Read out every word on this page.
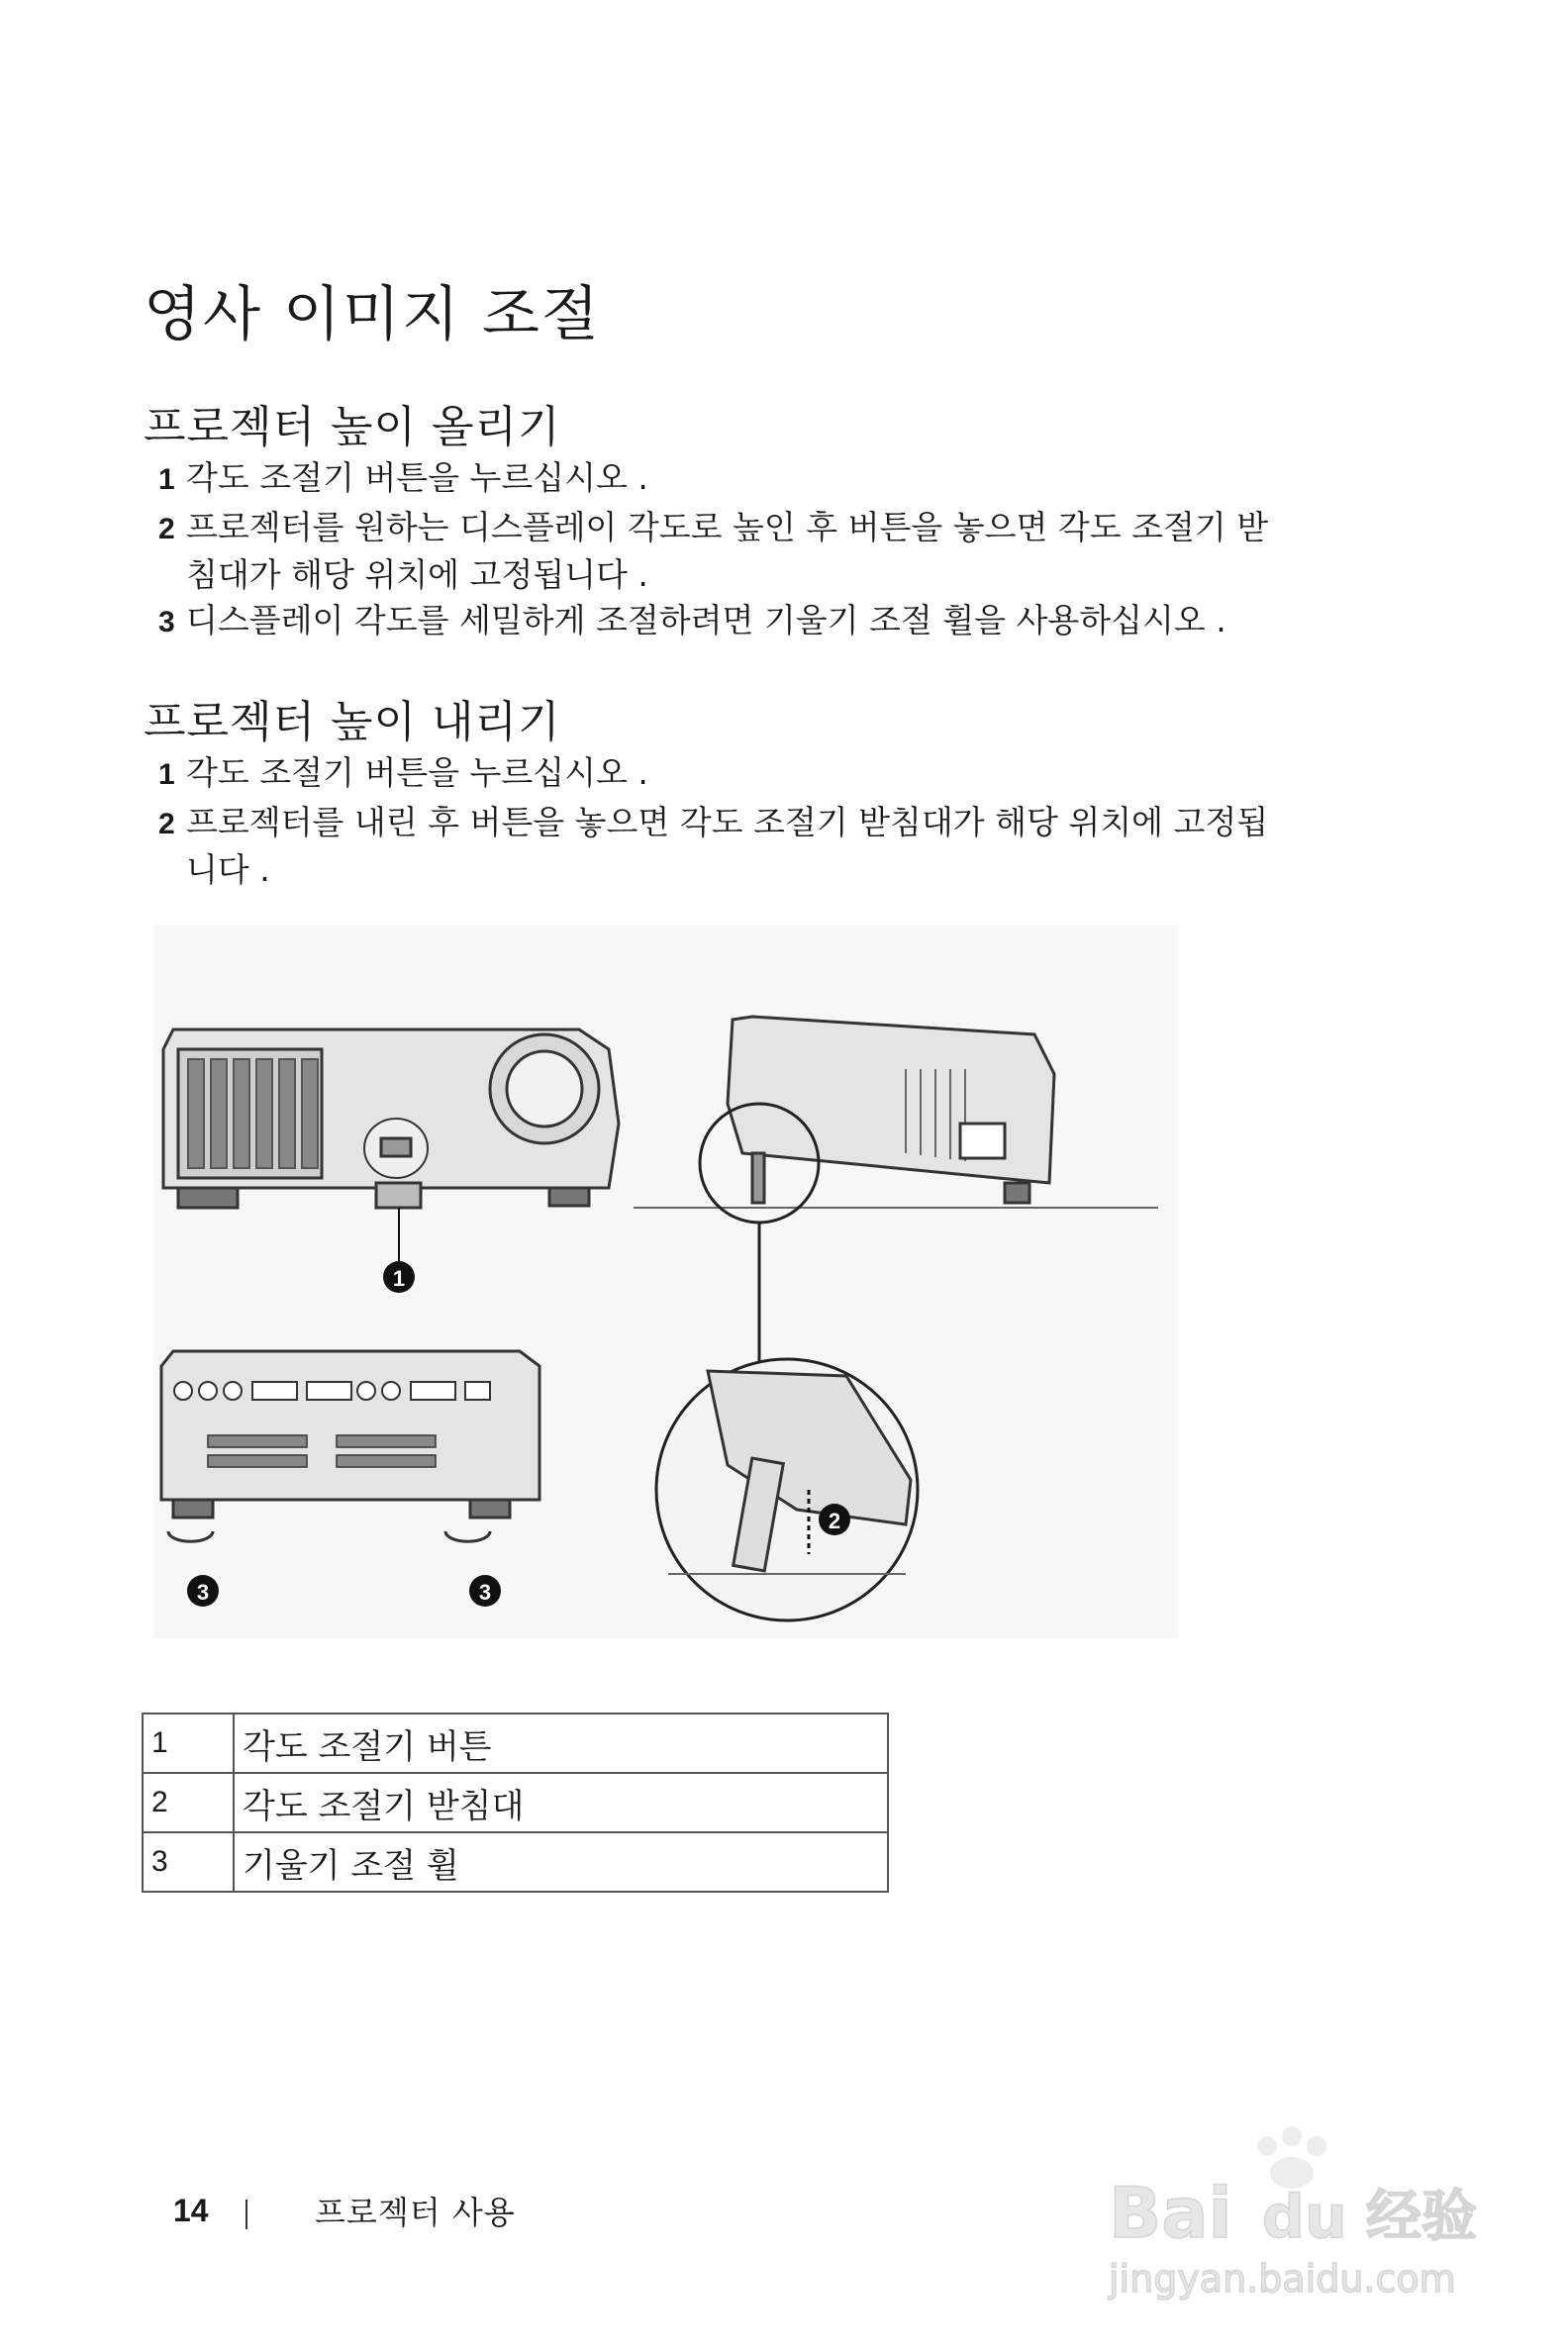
영사 이미지 조절
프로젝터 높이 올리기
1 각도 조절기 버튼을 누르십시오 .
2 프로젝터를 원하는 디스플레이 각도로 높인 후 버튼을 놓으면 각도 조절기 받
침대가 해당 위치에 고정됩니다 .
3 디스플레이 각도를 세밀하게 조절하려면 기울기 조절 휠을 사용하십시오 .
프로젝터 높이 내리기
1 각도 조절기 버튼을 누르십시오 .
2 프로젝터를 내린 후 버튼을 놓으면 각도 조절기 받침대가 해당 위치에 고정됩
니다 .
1
3	3
2
1	각도 조절기 버튼
2	각도 조절기 받침대
3	기울기 조절 휠
14	프로젝터 사용	Bai du 经验
jingyan.baidu.com
